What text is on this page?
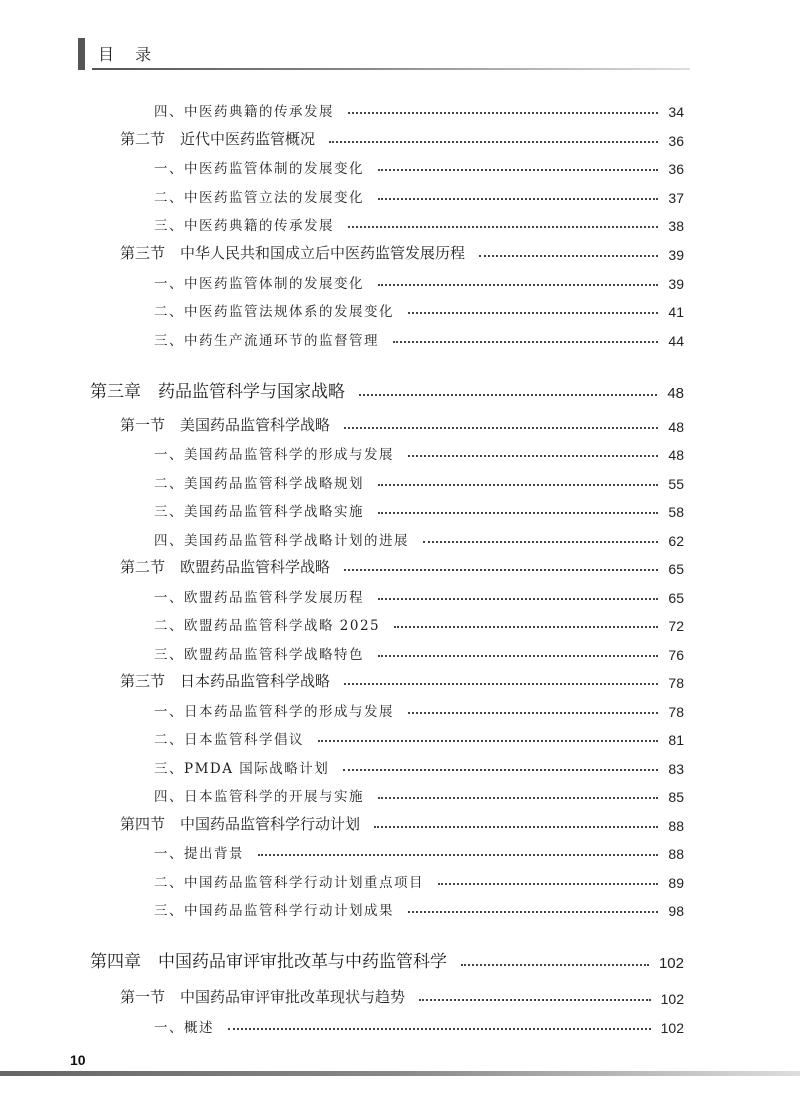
目 录
四、中医药典籍的传承发展	34
第二节　近代中医药监管概况	36
一、中医药监管体制的发展变化	36
二、中医药监管立法的发展变化	37
三、中医药典籍的传承发展	38
第三节　中华人民共和国成立后中医药监管发展历程	39
一、中医药监管体制的发展变化	39
二、中医药监管法规体系的发展变化	41
三、中药生产流通环节的监督管理	44
第三章　药品监管科学与国家战略	48
第一节　美国药品监管科学战略	48
一、美国药品监管科学的形成与发展	48
二、美国药品监管科学战略规划	55
三、美国药品监管科学战略实施	58
四、美国药品监管科学战略计划的进展	62
第二节　欧盟药品监管科学战略	65
一、欧盟药品监管科学发展历程	65
二、欧盟药品监管科学战略 2025	72
三、欧盟药品监管科学战略特色	76
第三节　日本药品监管科学战略	78
一、日本药品监管科学的形成与发展	78
二、日本监管科学倡议	81
三、PMDA 国际战略计划	83
四、日本监管科学的开展与实施	85
第四节　中国药品监管科学行动计划	88
一、提出背景	88
二、中国药品监管科学行动计划重点项目	89
三、中国药品监管科学行动计划成果	98
第四章　中国药品审评审批改革与中药监管科学	102
第一节　中国药品审评审批改革现状与趋势	102
一、概述	102
10
